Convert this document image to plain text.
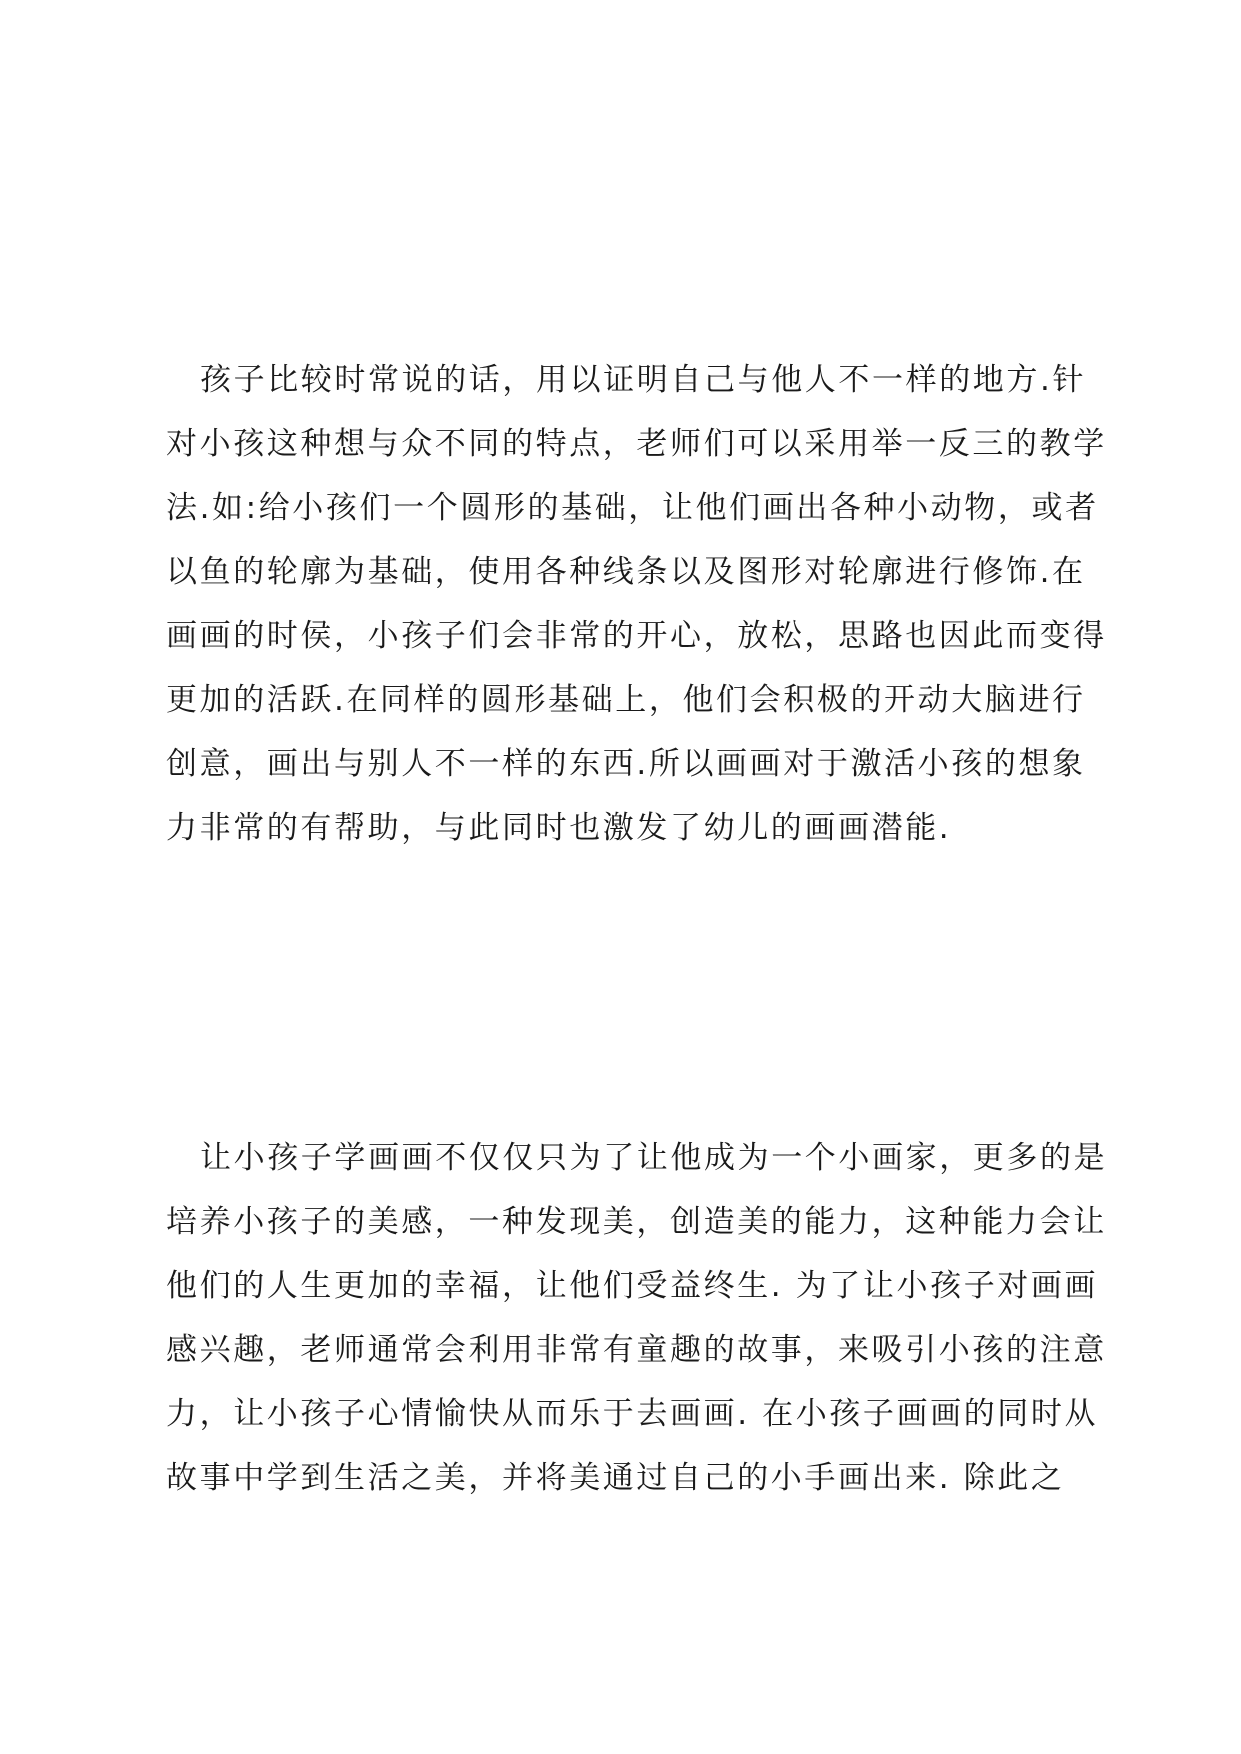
孩子比较时常说的话，用以证明自己与他人不一样的地方.针
对小孩这种想与众不同的特点，老师们可以采用举一反三的教学
法.如:给小孩们一个圆形的基础，让他们画出各种小动物，或者
以鱼的轮廓为基础，使用各种线条以及图形对轮廓进行修饰.在
画画的时侯，小孩子们会非常的开心，放松，思路也因此而变得
更加的活跃.在同样的圆形基础上，他们会积极的开动大脑进行
创意，画出与别人不一样的东西.所以画画对于激活小孩的想象
力非常的有帮助，与此同时也激发了幼儿的画画潜能.
让小孩子学画画不仅仅只为了让他成为一个小画家，更多的是
培养小孩子的美感，一种发现美，创造美的能力，这种能力会让
他们的人生更加的幸福，让他们受益终生. 为了让小孩子对画画
感兴趣，老师通常会利用非常有童趣的故事，来吸引小孩的注意
力，让小孩子心情愉快从而乐于去画画. 在小孩子画画的同时从
故事中学到生活之美，并将美通过自己的小手画出来. 除此之
